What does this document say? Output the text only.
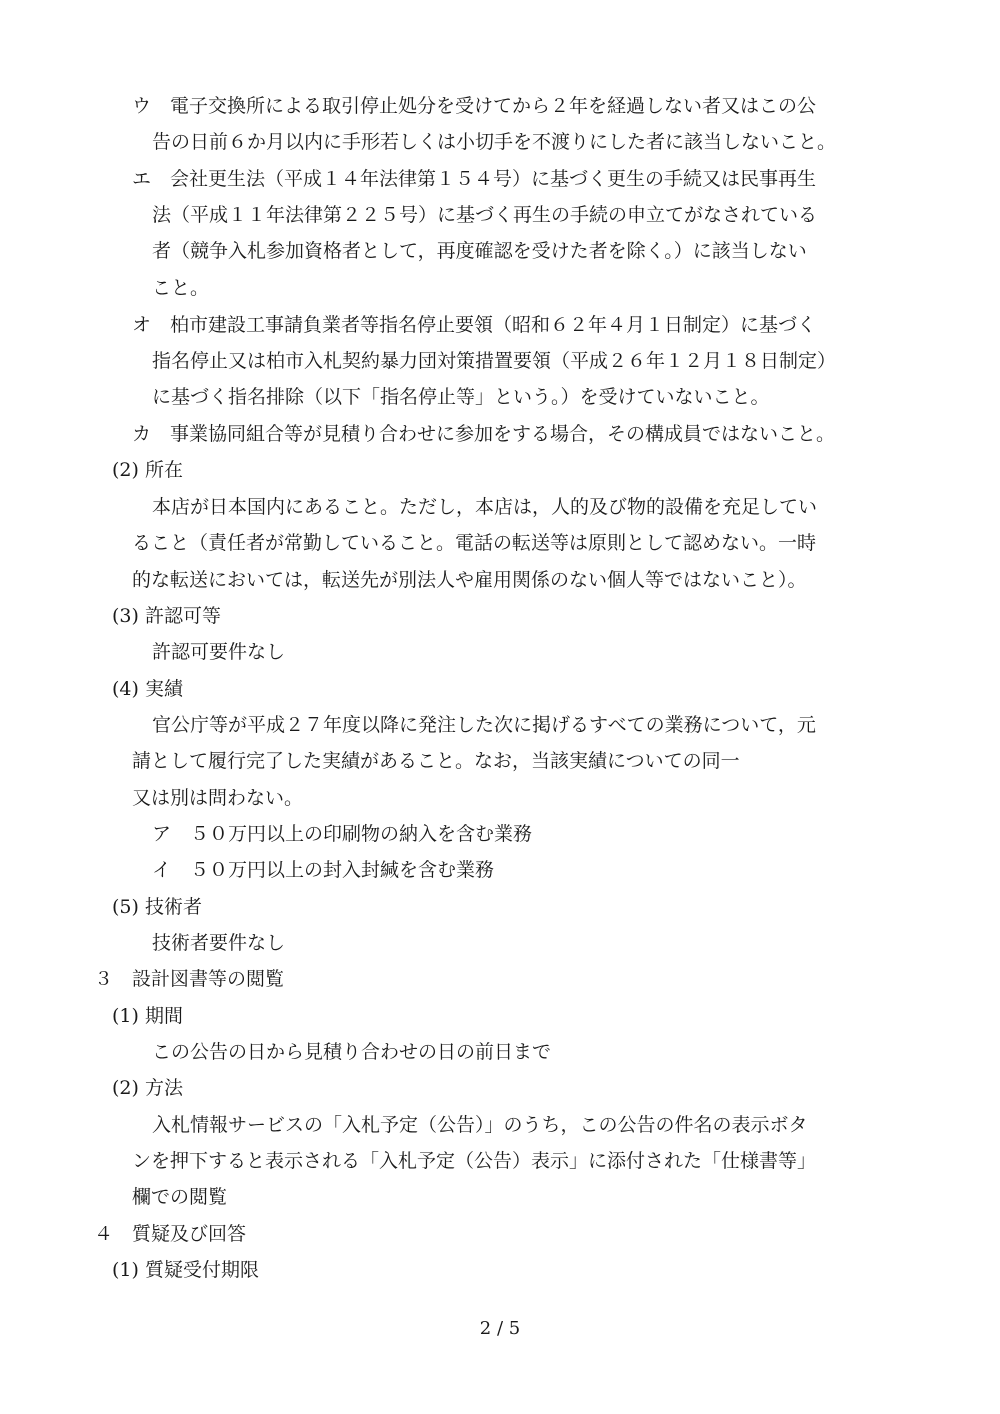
ウ 電子交換所による取引停止処分を受けてから２年を経過しない者又はこの公
告の日前６か月以内に手形若しくは小切手を不渡りにした者に該当しないこと。
エ 会社更生法（平成１４年法律第１５４号）に基づく更生の手続又は民事再生
法（平成１１年法律第２２５号）に基づく再生の手続の申立てがなされている
者（競争入札参加資格者として，再度確認を受けた者を除く。）に該当しない
こと。
オ 柏市建設工事請負業者等指名停止要領（昭和６２年４月１日制定）に基づく
指名停止又は柏市入札契約暴力団対策措置要領（平成２６年１２月１８日制定）
に基づく指名排除（以下「指名停止等」という。）を受けていないこと。
カ 事業協同組合等が見積り合わせに参加をする場合，その構成員ではないこと。
(2) 所在
本店が日本国内にあること。ただし，本店は，人的及び物的設備を充足してい
ること（責任者が常勤していること。電話の転送等は原則として認めない。一時
的な転送においては，転送先が別法人や雇用関係のない個人等ではないこと）。
(3) 許認可等
許認可要件なし
(4) 実績
官公庁等が平成２７年度以降に発注した次に掲げるすべての業務について，元
請として履行完了した実績があること。なお，当該実績についての同一
又は別は問わない。
ア ５０万円以上の印刷物の納入を含む業務
イ ５０万円以上の封入封緘を含む業務
(5) 技術者
技術者要件なし
３　設計図書等の閲覧
(1) 期間
この公告の日から見積り合わせの日の前日まで
(2) 方法
入札情報サービスの「入札予定（公告）」のうち，この公告の件名の表示ボタ
ンを押下すると表示される「入札予定（公告）表示」に添付された「仕様書等」
欄での閲覧
４　質疑及び回答
(1) 質疑受付期限
2 / 5
